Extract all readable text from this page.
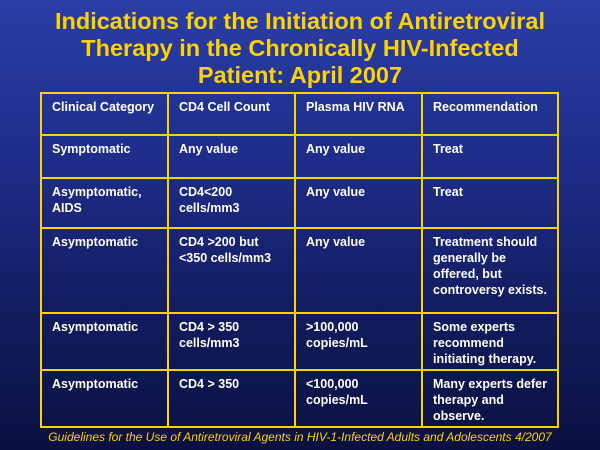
Indications for the Initiation of Antiretroviral
Therapy in the Chronically HIV-Infected
Patient: April 2007
Clinical Category	CD4 Cell Count	Plasma HIV RNA	Recommendation
Symptomatic	Any value	Any value	Treat
Asymptomatic, AIDS	CD4<200 cells/mm3	Any value	Treat
Asymptomatic	CD4 >200 but <350 cells/mm3	Any value	Treatment should generally be offered, but controversy exists.
Asymptomatic	CD4 > 350 cells/mm3	>100,000 copies/mL	Some experts recommend initiating therapy.
Asymptomatic	CD4 > 350	<100,000 copies/mL	Many experts defer therapy and observe.
Guidelines for the Use of Antiretroviral Agents in HIV-1-Infected Adults and Adolescents 4/2007
